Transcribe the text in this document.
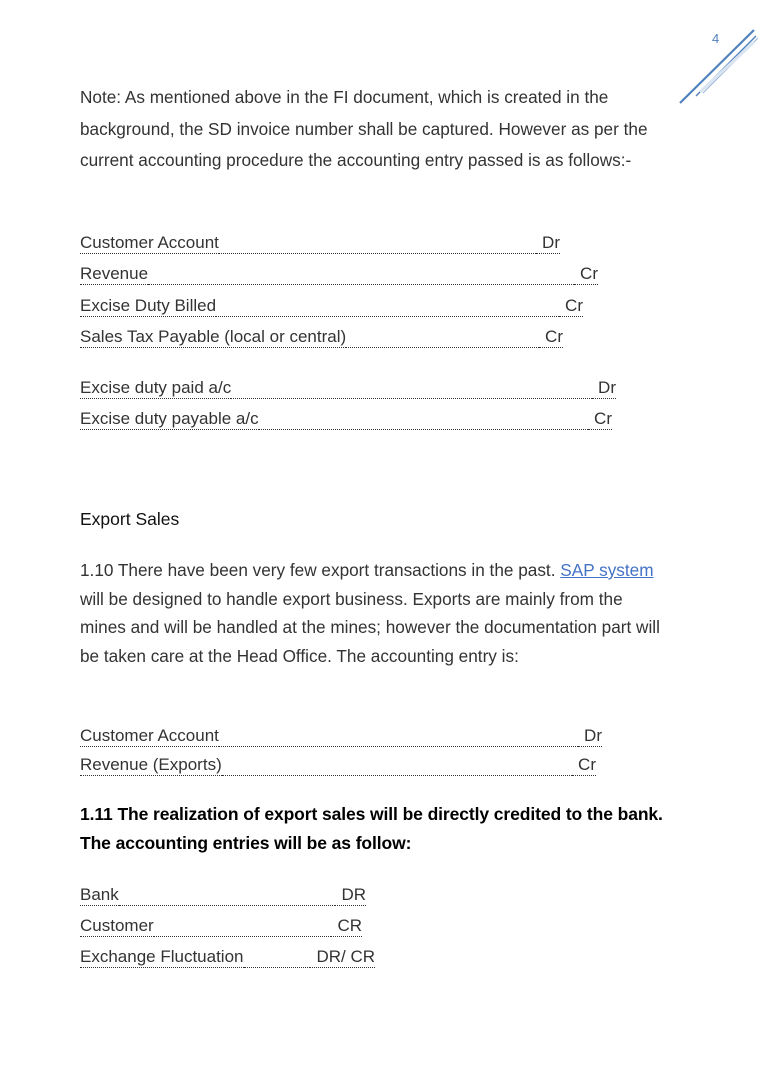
4
Note: As mentioned above in the FI document, which is created in the background, the SD invoice number shall be captured. However as per the current accounting procedure the accounting entry passed is as follows:-
Customer Account	Dr
Revenue	Cr
Excise Duty Billed	Cr
Sales Tax Payable (local or central)	Cr
Excise duty paid a/c	Dr
Excise duty payable a/c	Cr
Export Sales
1.10 There have been very few export transactions in the past. SAP system will be designed to handle export business. Exports are mainly from the mines and will be handled at the mines; however the documentation part will be taken care at the Head Office. The accounting entry is:
Customer Account	Dr
Revenue (Exports)	Cr
1.11 The realization of export sales will be directly credited to the bank. The accounting entries will be as follow:
Bank	DR
Customer	CR
Exchange Fluctuation	DR/ CR
